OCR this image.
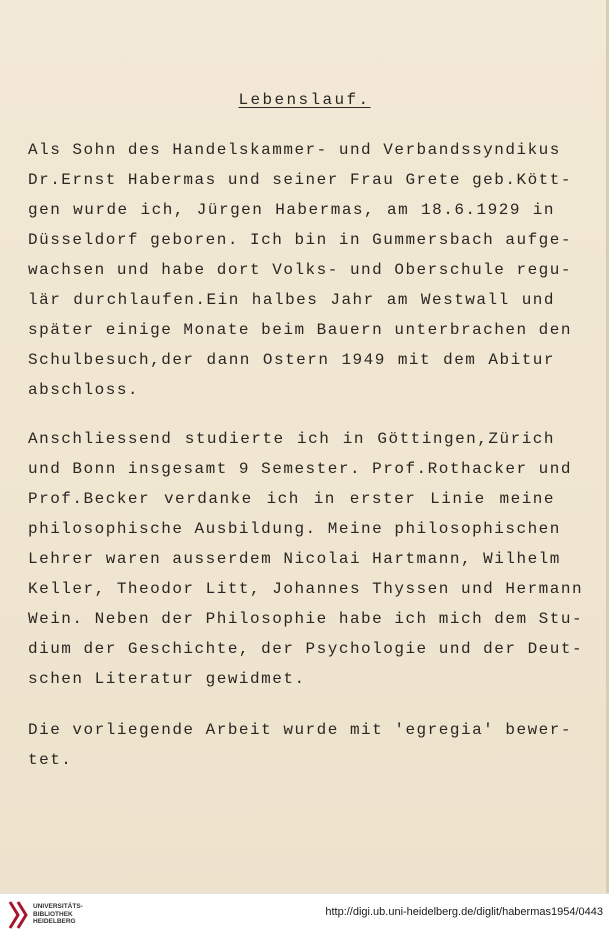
Lebenslauf.
Als Sohn des Handelskammer- und Verbandssyndikus
Dr.Ernst Habermas und seiner Frau Grete geb.Kött-
gen wurde ich, Jürgen Habermas, am 18.6.1929 in
Düsseldorf geboren. Ich bin in Gummersbach aufge-
wachsen und habe dort Volks- und Oberschule regu-
lär durchlaufen.Ein halbes Jahr am Westwall und
später einige Monate beim Bauern unterbrachen den
Schulbesuch,der dann Ostern 1949 mit dem Abitur
abschloss.
Anschliessend studierte ich in Göttingen,Zürich
und Bonn insgesamt 9 Semester. Prof.Rothacker und
Prof.Becker verdanke ich in erster Linie meine
philosophische Ausbildung. Meine philosophischen
Lehrer waren ausserdem Nicolai Hartmann, Wilhelm
Keller, Theodor Litt, Johannes Thyssen und Hermann
Wein. Neben der Philosophie habe ich mich dem Stu-
dium der Geschichte, der Psychologie und der Deut-
schen Literatur gewidmet.
Die vorliegende Arbeit wurde mit 'egregia' bewer-
tet.
UNIVERSITÄTS-
BIBLIOTHEK
HEIDELBERG
http://digi.ub.uni-heidelberg.de/diglit/habermas1954/0443
